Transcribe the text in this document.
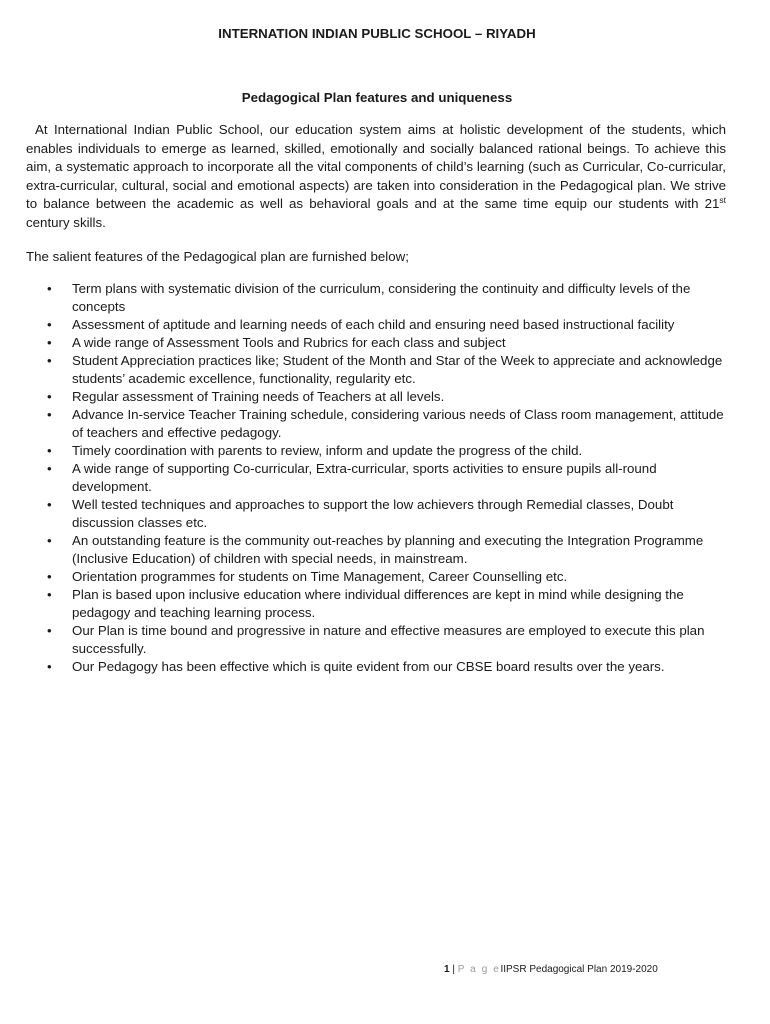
INTERNATION INDIAN PUBLIC SCHOOL – RIYADH
Pedagogical Plan features and uniqueness

At International Indian Public School, our education system aims at holistic development of the students, which enables individuals to emerge as learned, skilled, emotionally and socially balanced rational beings. To achieve this aim, a systematic approach to incorporate all the vital components of child’s learning (such as Curricular, Co-curricular, extra-curricular, cultural, social and emotional aspects) are taken into consideration in the Pedagogical plan. We strive to balance between the academic as well as behavioral goals and at the same time equip our students with 21st century skills.

The salient features of the Pedagogical plan are furnished below;

•	Term plans with systematic division of the curriculum, considering the continuity and difficulty levels of the concepts
•	Assessment of aptitude and learning needs of each child and ensuring need based instructional facility
•	A wide range of Assessment Tools and Rubrics for each class and subject
•	Student Appreciation practices like; Student of the Month and Star of the Week to appreciate and acknowledge students’ academic excellence, functionality, regularity etc.
•	Regular assessment of Training needs of Teachers at all levels.
•	Advance In-service Teacher Training schedule, considering various needs of Class room management, attitude of teachers and effective pedagogy.
•	Timely coordination with parents to review, inform and update the progress of the child.
•	A wide range of supporting Co-curricular, Extra-curricular, sports activities to ensure pupils all-round development.
•	Well tested techniques and approaches to support the low achievers through Remedial classes, Doubt discussion classes etc.
•	An outstanding feature is the community out-reaches by planning and executing the Integration Programme (Inclusive Education) of children with special needs, in mainstream.
•	Orientation programmes for students on Time Management, Career Counselling etc.
•	Plan is based upon inclusive education where individual differences are kept in mind while designing the pedagogy and teaching learning process.
•	Our Plan is time bound and progressive in nature and effective measures are employed to execute this plan successfully.
•	Our Pedagogy has been effective which is quite evident from our CBSE board results over the years.
1 | P a g eIIPSR Pedagogical Plan 2019-2020
